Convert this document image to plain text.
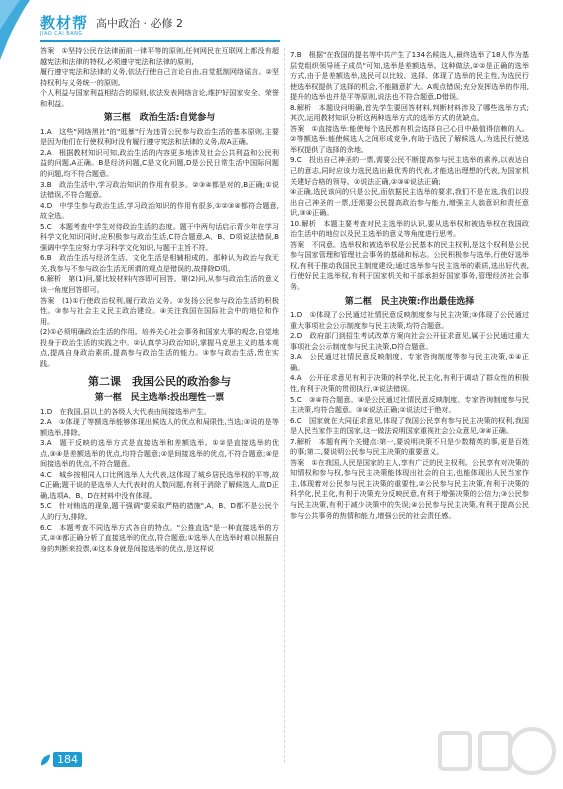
教材帮 高中政治 · 必修 2
JIAO CAI BANG

答案　①坚持公民在法律面前一律平等的原则,任何网民在互联网上都没有超越宪法和法律的特权,必须遵守宪法和法律的原则,

履行遵守宪法和法律的义务,依法行使自己言论自由,自觉抵制网络谣言。②坚持权利与义务统一的原则,

个人利益与国家利益相结合的原则,依法发表网络言论,维护好国家安全、荣誉和利益。

第三框　政治生活:自觉参与

1.A　这些"网络黑社"的"逛暴"行为违背公民参与政治生活的基本原则,主要是因为他们在行使权利时没有履行遵守宪法和法律的义务,故A正确。

2.A　根据教材知识可知,政治生活的内容更多地涉及社会公共利益和公民利益的问题,A正确。B是经济问题,C是文化问题,D是公民日常生活中国际问题的问题,均不符合题意。

3.B　政治生活中,学习政治知识的作用有很多。②③④都是对的,B正确;①说法错误,不符合题意。

4.D　中学生参与政治生活,学习政治知识的作用有很多,①②③④都符合题意,故全选。

5.C　本题考查中学生对待政治生活的态度。题干中两句话启示青少年在学习科学文化知识同时,应积极参与政治生活,C符合题意,A、B、D项说法错误,B强调中学生应努力学习科学文化知识,与题干主旨不符。

6.B　政治生活与经济生活、文化生活是相辅相成的。那种认为政治与我无关,我参与不参与政治生活无所谓的观点是错误的,故排除D项。

6.解析　第(1)问,要比较材料内容即可回答。第(2)问,从参与政治生活的意义谈一角度回答即可。

答案　(1)①行使政治权利,履行政治义务。②发扬公民参与政治生活的积极性。③参与社会主义民主政治建设。④关注我国在国际社会中的地位和作用。

(2)①必须明确政治生活的作用。培养关心社会事务和国家大事的观念,自觉地投身于政治生活的实践之中。②认真学习政治知识,掌握马克思主义的基本观点,提高自身政治素质,提高参与政治生活的能力。③参与政治生活,贵在实践。

第二课　我国公民的政治参与

第一框　民主选举:投出理性一票

1.D　在我国,县以上的各级人大代表由间接选举产生。

2.A　①体现了等额选举能够体现出候选人的优点和局限性,当选;③说的是等额选举,排除。

3.A　题干反映的选举方式是直接选举和差额选举。①②是直接选举的优点,③④是差额选举的优点,均符合题意;②是间接选举的优点,不符合题意;④是间接选举的优点,不符合题意。

4.C　城乡按相同人口比例选举人大代表,这体现了城乡居民选举权的平等,故C正确;题干说的是选举人大代表时的人数问题,有利于消除了解候选人,故D正确,选项A、B、D在材料中没有体现。

5.C　针对贿选的现象,题干强调"要采取严格的措施",A、B、D都不是公民个人的行为,排除。

6.C　本题考查不同选举方式各自的特点。"公推直选"是一种直接选举的方式,②③都正确分析了直接选举的优点,符合题意;①选举人在选举时难以根据自身的判断来投票,④这本身就是间接选举的优点,是这样说

7.B　根据"在我国的提名等中共产生了134名候选人,最终选举了18人作为基层党组织领导班子成员"可知,选举是差额选举。这种做法,②②是正确的选举方式,由于是差额选举,选民可以比较、选择、体现了选举的民主性,为选民行使选举权提供了选择的机会,不能随意扩大。A观点错误;充分发挥选举的作用,提升的选举也并是平等原则,说法也不符合题意,D错误。

8.解析　本题设问明确,首先学生要回答材料,判断材料涉及了哪些选举方式;其次,运用教材知识分析这两种选举方式的选举方式的优缺点。

答案　①直接选举:能使每个选民都有机会选择自己心目中最值得信赖的人。②等额选举:能使候选人之间形成竞争,有助于选民了解候选人,为选民行使选举权提供了选择的余地。

9.C　投出自己神圣的一票,需要公民不断提高参与民主选举的素养,以表达自己的意志,同时应该力选民选出最优秀的代表,才能选出理想的代表,为国家机关建好合格的领导。②说法正确,②③④说法正确;

④正确,选民该问的只是公民,而依据民主选举的要求,我们不是在选,我们以投出自己神圣的一票,还需要公民提高政治参与能力,增强主人翁意识和责任意识,③④正确。

10.解析　本题主要考查对民主选举的认识,要从选举权和被选举权在我国政治生活中的地位以及民主选举的意义等角度进行思考。

答案　不同意。选举权和被选举权是公民基本的民主权利,是这个权利是公民参与国家管理和管理社会事务的基础和标志。公民积极参与选举,行使好选举权,有利于推动我国民主制度建设;通过选举参与民主选举的素质,选出好代表,行使好民主选举权,有利于国家机关和干部承担好国家事务,管理经济社会事务。

第二框　民主决策:作出最佳选择

1.D　①体现了公民通过社情民意反映制度参与民主决策;③体现了公民通过重大事项社会公示制度参与民主决策,均符合题意。

2.D　政府部门到招生考试改革方案向社会公开征求意见,属于公民通过重大事项社会公示制度参与民主决策,D符合题意。

3.A　公民通过社情民意反映制度、专家咨询制度等参与民主决策,①④正确。

4.A　公开征求意见有利于决策的科学化,民主化,有利于调动了群众性的积极性,有利于决策的贯彻执行,③说法错误。

5.C　③④符合题意。④是公民通过社情民意反映制度、专家咨询制度参与民主决策,均符合题意。③④说法正确;②说法过于绝对。

6.C　国家就在大同征求意见,体现了我国公民享有参与民主决策的权利,我国是人民当家作主的国家,这一做法说明国家重视社会公众意见,③④正确。

7.解析　本题有两个关键点:第一,要说明决策不只是少数精英的事,更是百姓的事;第二,要说明公民参与民主决策的重要意义。

答案　①在我国,人民是国家的主人,享有广泛的民主权利。公民享有对决策的知情权和参与权,参与民主决策能体现出社会的自主,也能体现出人民当家作主,体现着对公民参与民主决策的重要性,②公民参与民主决策,有利于决策的科学化,民主化,有利于决策充分反映民意,有利于增强决策的公信力;③公民参与民主决策,有利于减少决策中的失误;④公民参与民主决策,有利于提高公民参与公共事务的热情和能力,增强公民的社会责任感。

184
